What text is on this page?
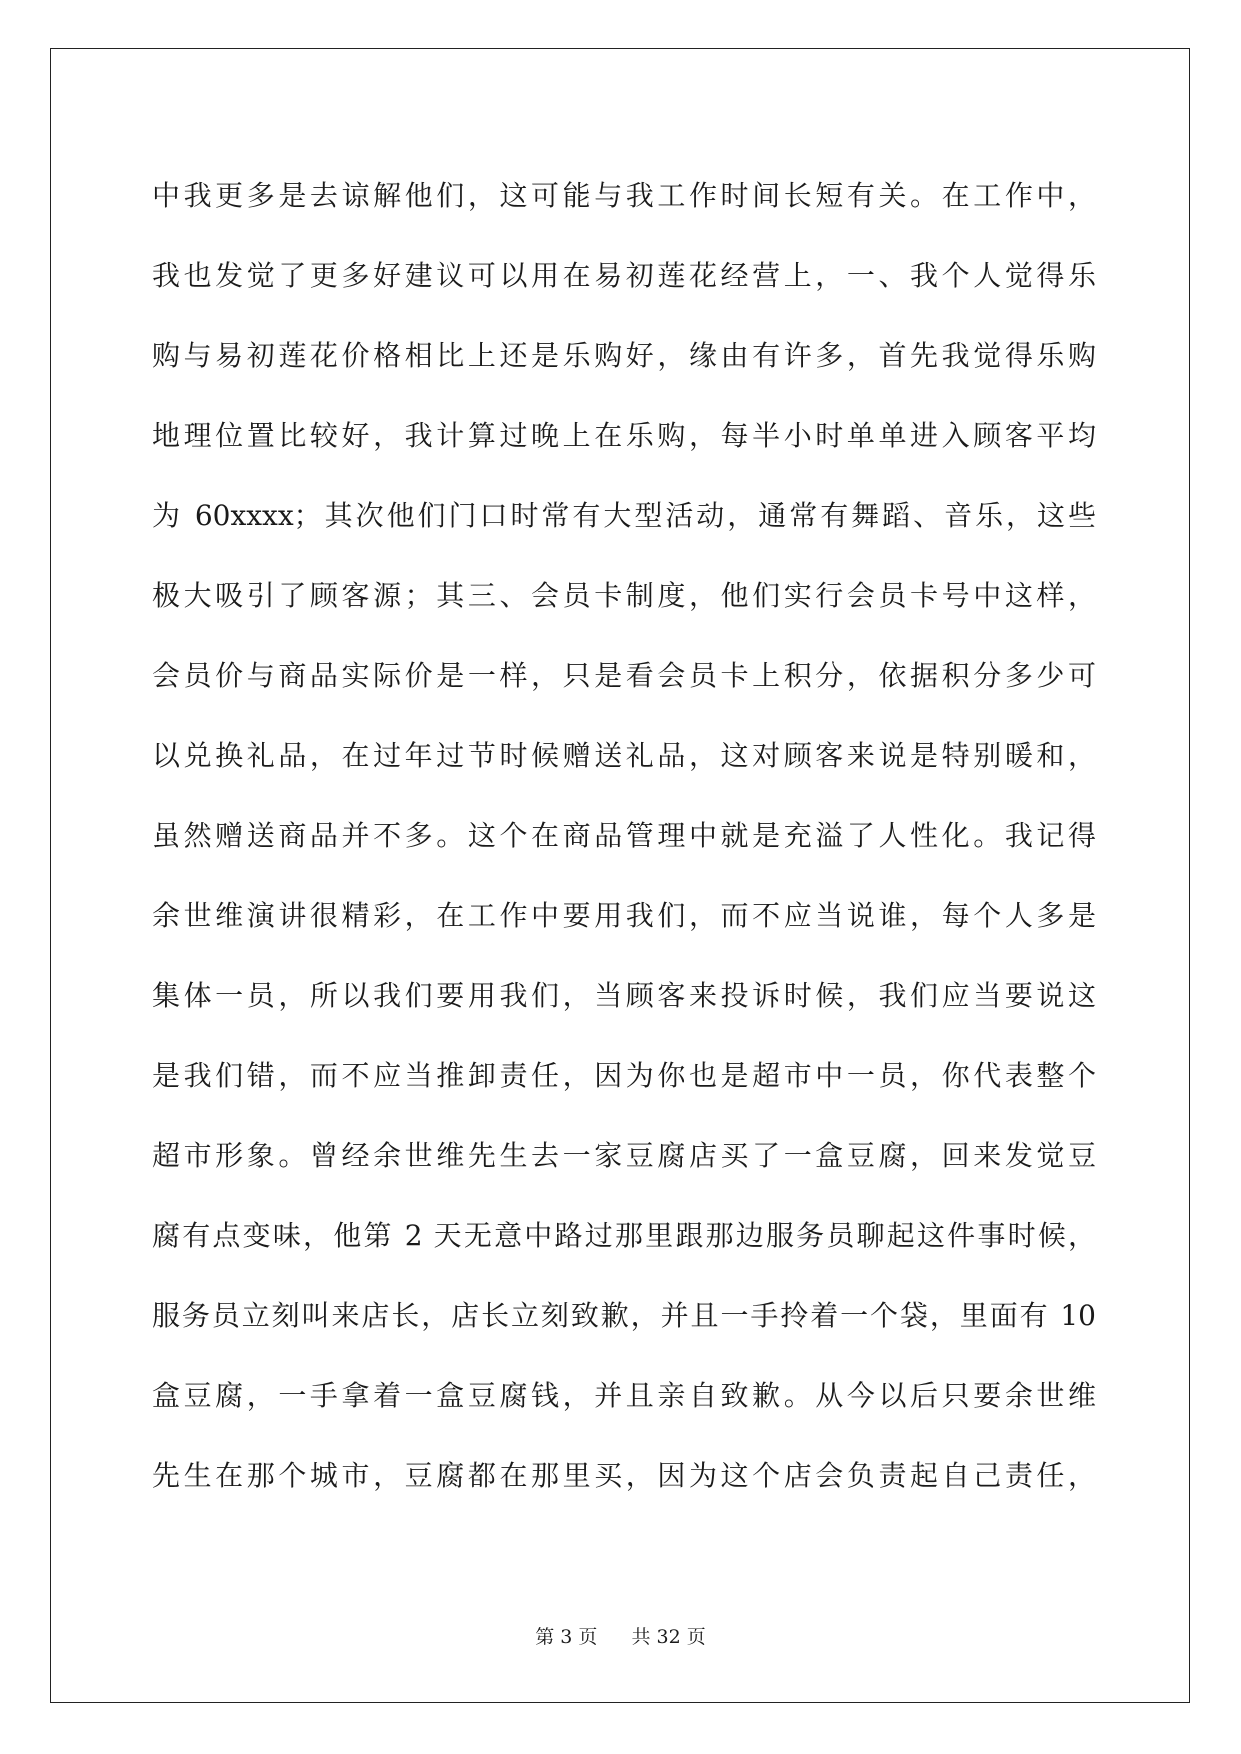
中我更多是去谅解他们，这可能与我工作时间长短有关。在工作中，
我也发觉了更多好建议可以用在易初莲花经营上，一、我个人觉得乐
购与易初莲花价格相比上还是乐购好，缘由有许多，首先我觉得乐购
地理位置比较好，我计算过晚上在乐购，每半小时单单进入顾客平均
为 60xxxx；其次他们门口时常有大型活动，通常有舞蹈、音乐，这些
极大吸引了顾客源；其三、会员卡制度，他们实行会员卡号中这样，
会员价与商品实际价是一样，只是看会员卡上积分，依据积分多少可
以兑换礼品，在过年过节时候赠送礼品，这对顾客来说是特别暖和，
虽然赠送商品并不多。这个在商品管理中就是充溢了人性化。我记得
余世维演讲很精彩，在工作中要用我们，而不应当说谁，每个人多是
集体一员，所以我们要用我们，当顾客来投诉时候，我们应当要说这
是我们错，而不应当推卸责任，因为你也是超市中一员，你代表整个
超市形象。曾经余世维先生去一家豆腐店买了一盒豆腐，回来发觉豆
腐有点变味，他第 2 天无意中路过那里跟那边服务员聊起这件事时候，
服务员立刻叫来店长，店长立刻致歉，并且一手拎着一个袋，里面有 10
盒豆腐，一手拿着一盒豆腐钱，并且亲自致歉。从今以后只要余世维
先生在那个城市，豆腐都在那里买，因为这个店会负责起自己责任，
第 3 页 共 32 页
